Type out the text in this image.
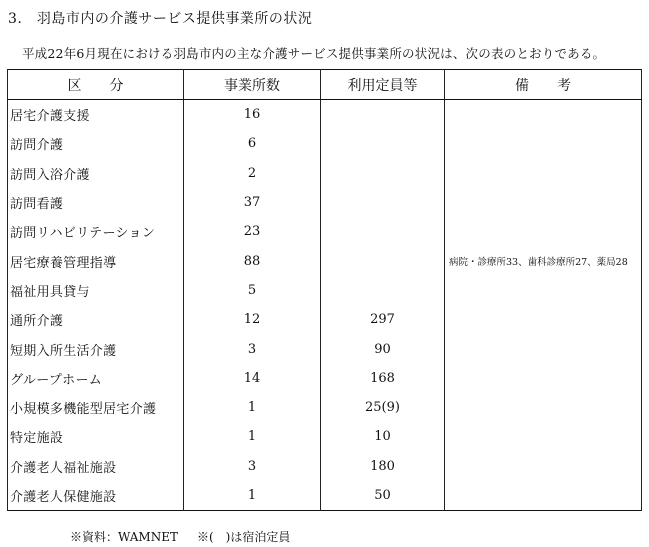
3.　羽島市内の介護サービス提供事業所の状況
平成22年6月現在における羽島市内の主な介護サービス提供事業所の状況は、次の表のとおりである。
区　　分	事業所数	利用定員等	備　　考
居宅介護支援	16		
訪問介護	6		
訪問入浴介護	2		
訪問看護	37		
訪問リハビリテーション	23		
居宅療養管理指導	88		病院・診療所33、歯科診療所27、薬局28
福祉用具貸与	5		
通所介護	12	297	
短期入所生活介護	3	90	
グループホーム	14	168	
小規模多機能型居宅介護	1	25(9)	
特定施設	1	10	
介護老人福祉施設	3	180	
介護老人保健施設	1	50	
※資料：WAMNET ※(　)は宿泊定員
